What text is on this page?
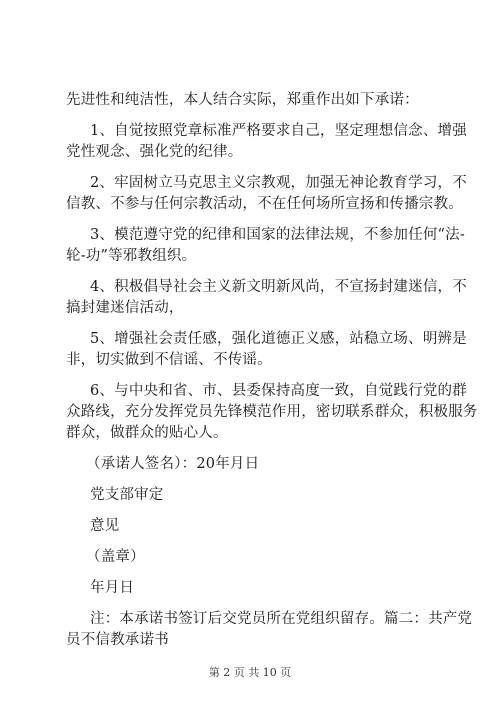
先进性和纯洁性，本人结合实际，郑重作出如下承诺：
1、自觉按照党章标准严格要求自己，坚定理想信念、增强
党性观念、强化党的纪律。
2、牢固树立马克思主义宗教观，加强无神论教育学习，不
信教、不参与任何宗教活动，不在任何场所宣扬和传播宗教。
3、模范遵守党的纪律和国家的法律法规，不参加任何“法-
轮-功”等邪教组织。
4、积极倡导社会主义新文明新风尚，不宣扬封建迷信，不
搞封建迷信活动，
5、增强社会责任感，强化道德正义感，站稳立场、明辨是
非，切实做到不信谣、不传谣。
6、与中央和省、市、县委保持高度一致，自觉践行党的群
众路线，充分发挥党员先锋模范作用，密切联系群众，积极服务
群众，做群众的贴心人。
（承诺人签名）：20年月日
党支部审定
意见
（盖章）
年月日
注：本承诺书签订后交党员所在党组织留存。篇二：共产党
员不信教承诺书
第 2 页 共 10 页
